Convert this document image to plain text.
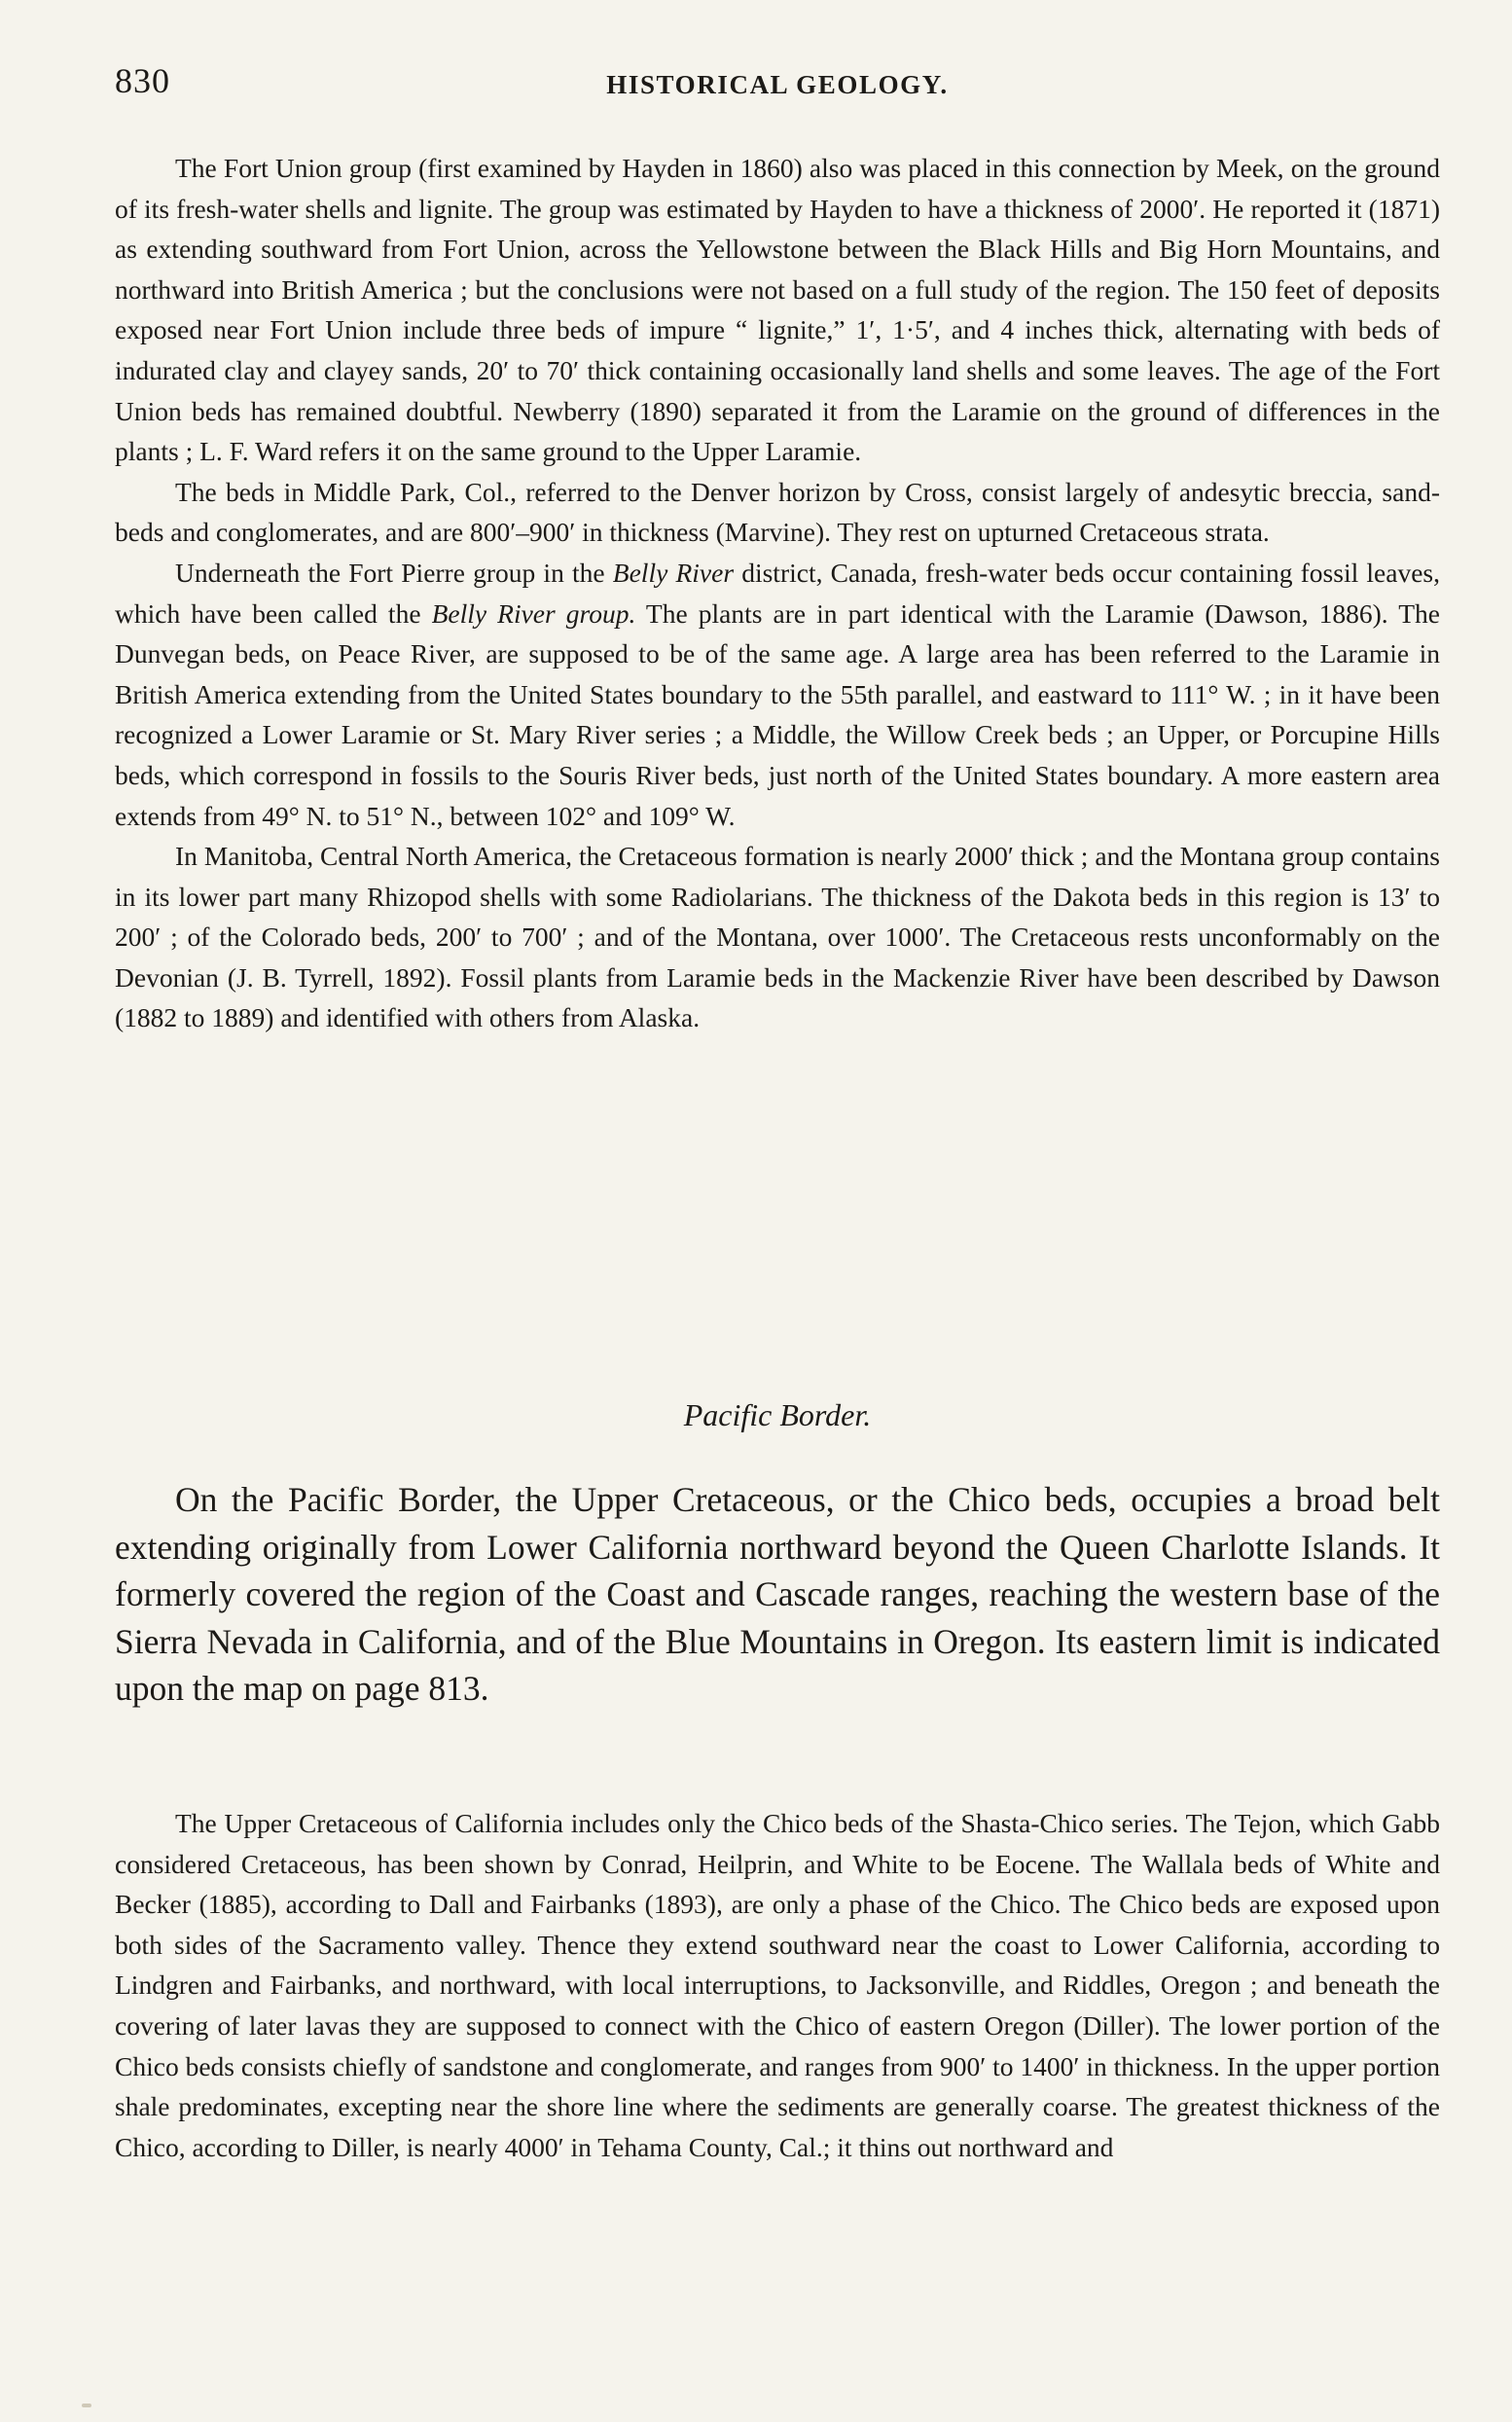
830	HISTORICAL GEOLOGY.

The Fort Union group (first examined by Hayden in 1860) also was placed in this connection by Meek, on the ground of its fresh-water shells and lignite. The group was estimated by Hayden to have a thickness of 2000′. He reported it (1871) as extending southward from Fort Union, across the Yellowstone between the Black Hills and Big Horn Mountains, and northward into British America ; but the conclusions were not based on a full study of the region. The 150 feet of deposits exposed near Fort Union include three beds of impure “ lignite,” 1′, 1·5′, and 4 inches thick, alternating with beds of indurated clay and clayey sands, 20′ to 70′ thick containing occasionally land shells and some leaves. The age of the Fort Union beds has remained doubtful. Newberry (1890) separated it from the Laramie on the ground of differences in the plants ; L. F. Ward refers it on the same ground to the Upper Laramie.

The beds in Middle Park, Col., referred to the Denver horizon by Cross, consist largely of andesytic breccia, sand-beds and conglomerates, and are 800′–900′ in thickness (Marvine). They rest on upturned Cretaceous strata.

Underneath the Fort Pierre group in the Belly River district, Canada, fresh-water beds occur containing fossil leaves, which have been called the Belly River group. The plants are in part identical with the Laramie (Dawson, 1886). The Dunvegan beds, on Peace River, are supposed to be of the same age. A large area has been referred to the Laramie in British America extending from the United States boundary to the 55th parallel, and eastward to 111° W. ; in it have been recognized a Lower Laramie or St. Mary River series ; a Middle, the Willow Creek beds ; an Upper, or Porcupine Hills beds, which correspond in fossils to the Souris River beds, just north of the United States boundary. A more eastern area extends from 49° N. to 51° N., between 102° and 109° W.

In Manitoba, Central North America, the Cretaceous formation is nearly 2000′ thick ; and the Montana group contains in its lower part many Rhizopod shells with some Radiolarians. The thickness of the Dakota beds in this region is 13′ to 200′ ; of the Colorado beds, 200′ to 700′ ; and of the Montana, over 1000′. The Cretaceous rests unconformably on the Devonian (J. B. Tyrrell, 1892). Fossil plants from Laramie beds in the Mackenzie River have been described by Dawson (1882 to 1889) and identified with others from Alaska.

Pacific Border.

On the Pacific Border, the Upper Cretaceous, or the Chico beds, occupies a broad belt extending originally from Lower California northward beyond the Queen Charlotte Islands. It formerly covered the region of the Coast and Cascade ranges, reaching the western base of the Sierra Nevada in California, and of the Blue Mountains in Oregon. Its eastern limit is indicated upon the map on page 813.

The Upper Cretaceous of California includes only the Chico beds of the Shasta-Chico series. The Tejon, which Gabb considered Cretaceous, has been shown by Conrad, Heilprin, and White to be Eocene. The Wallala beds of White and Becker (1885), according to Dall and Fairbanks (1893), are only a phase of the Chico. The Chico beds are exposed upon both sides of the Sacramento valley. Thence they extend southward near the coast to Lower California, according to Lindgren and Fairbanks, and northward, with local interruptions, to Jacksonville, and Riddles, Oregon ; and beneath the covering of later lavas they are supposed to connect with the Chico of eastern Oregon (Diller). The lower portion of the Chico beds consists chiefly of sandstone and conglomerate, and ranges from 900′ to 1400′ in thickness. In the upper portion shale predominates, excepting near the shore line where the sediments are generally coarse. The greatest thickness of the Chico, according to Diller, is nearly 4000′ in Tehama County, Cal.; it thins out northward and
